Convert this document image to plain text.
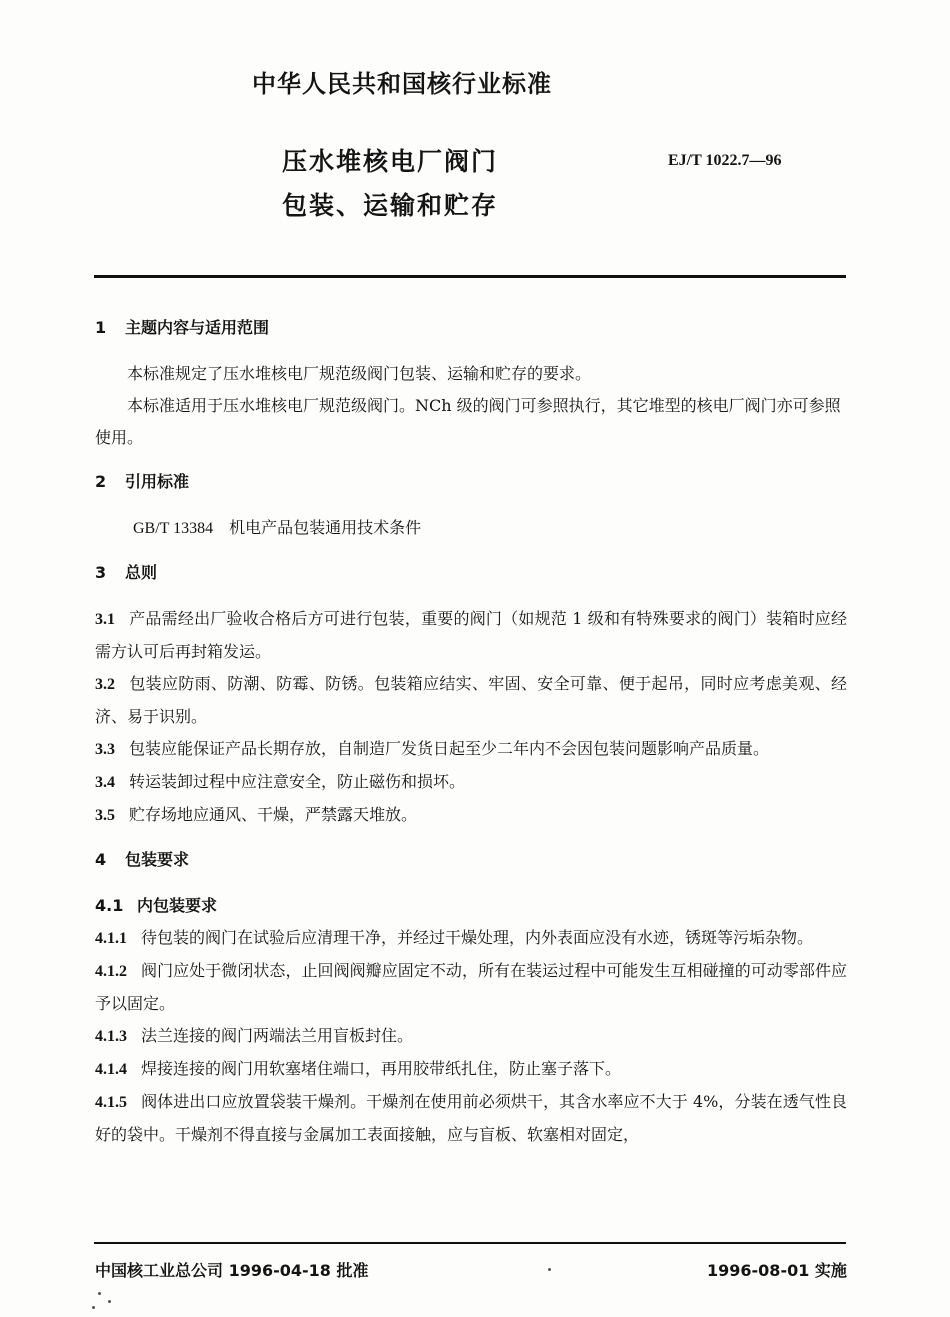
中华人民共和国核行业标准
压水堆核电厂阀门
包装、运输和贮存
EJ/T 1022.7—96
1 主题内容与适用范围
本标准规定了压水堆核电厂规范级阀门包装、运输和贮存的要求。
本标准适用于压水堆核电厂规范级阀门。NCh 级的阀门可参照执行，其它堆型的核电厂阀门亦可参照使用。
2 引用标准
GB/T 13384 机电产品包装通用技术条件
3 总则
3.1 产品需经出厂验收合格后方可进行包装，重要的阀门（如规范 1 级和有特殊要求的阀门）装箱时应经需方认可后再封箱发运。
3.2 包装应防雨、防潮、防霉、防锈。包装箱应结实、牢固、安全可靠、便于起吊，同时应考虑美观、经济、易于识别。
3.3 包装应能保证产品长期存放，自制造厂发货日起至少二年内不会因包装问题影响产品质量。
3.4 转运装卸过程中应注意安全，防止磁伤和损坏。
3.5 贮存场地应通风、干燥，严禁露天堆放。
4 包装要求
4.1 内包装要求
4.1.1 待包装的阀门在试验后应清理干净，并经过干燥处理，内外表面应没有水迹，锈斑等污垢杂物。
4.1.2 阀门应处于微闭状态，止回阀阀瓣应固定不动，所有在装运过程中可能发生互相碰撞的可动零部件应予以固定。
4.1.3 法兰连接的阀门两端法兰用盲板封住。
4.1.4 焊接连接的阀门用软塞堵住端口，再用胶带纸扎住，防止塞子落下。
4.1.5 阀体进出口应放置袋装干燥剂。干燥剂在使用前必须烘干，其含水率应不大于 4%，分装在透气性良好的袋中。干燥剂不得直接与金属加工表面接触，应与盲板、软塞相对固定，
中国核工业总公司 1996-04-18 批准	1996-08-01 实施
